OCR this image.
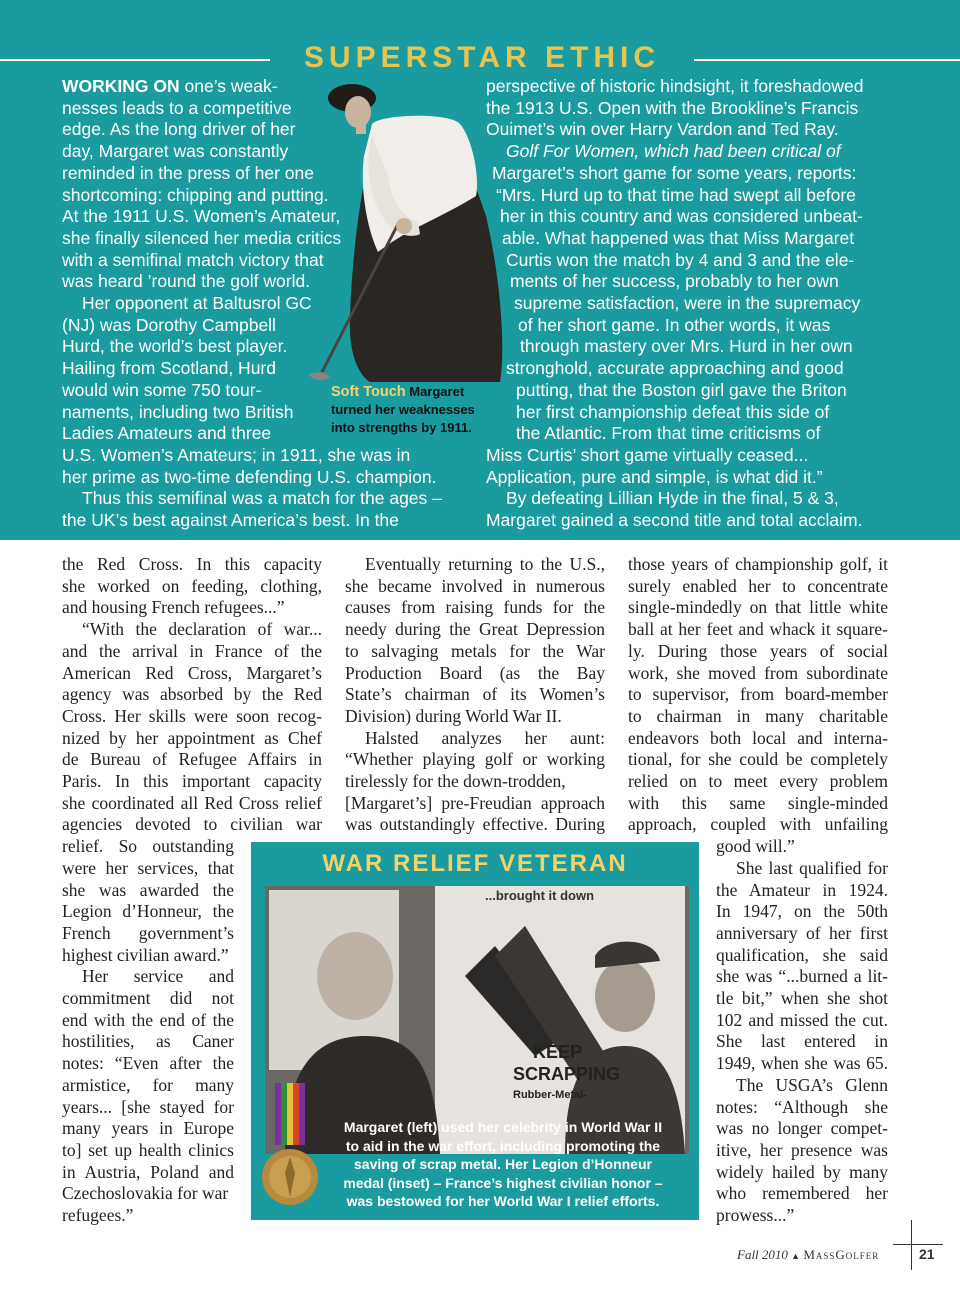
SUPERSTAR ETHIC
WORKING ON one’s weak-
nesses leads to a competitive
edge. As the long driver of her
day, Margaret was constantly
reminded in the press of her one
shortcoming: chipping and putting.
At the 1911 U.S. Women’s Amateur,
she finally silenced her media critics
with a semifinal match victory that
was heard ’round the golf world.
Her opponent at Baltusrol GC
(NJ) was Dorothy Campbell
Hurd, the world’s best player.
Hailing from Scotland, Hurd
would win some 750 tour-
naments, including two British
Ladies Amateurs and three
U.S. Women’s Amateurs; in 1911, she was in
her prime as two-time defending U.S. champion.
Thus this semifinal was a match for the ages –
the UK’s best against America’s best. In the
Soft Touch Margaret
turned her weaknesses
into strengths by 1911.
perspective of historic hindsight, it foreshadowed
the 1913 U.S. Open with the Brookline’s Francis
Ouimet’s win over Harry Vardon and Ted Ray.
Golf For Women, which had been critical of
Margaret’s short game for some years, reports:
“Mrs. Hurd up to that time had swept all before
her in this country and was considered unbeat-
able. What happened was that Miss Margaret
Curtis won the match by 4 and 3 and the ele-
ments of her success, probably to her own
supreme satisfaction, were in the supremacy
of her short game. In other words, it was
through mastery over Mrs. Hurd in her own
stronghold, accurate approaching and good
putting, that the Boston girl gave the Briton
her first championship defeat this side of
the Atlantic. From that time criticisms of
Miss Curtis’ short game virtually ceased...
Application, pure and simple, is what did it.”
By defeating Lillian Hyde in the final, 5 & 3,
Margaret gained a second title and total acclaim.
the Red Cross. In this capacity
she worked on feeding, clothing,
and housing French refugees...”
“With the declaration of war...
and the arrival in France of the
American Red Cross, Margaret’s
agency was absorbed by the Red
Cross. Her skills were soon recog-
nized by her appointment as Chef
de Bureau of Refugee Affairs in
Paris. In this important capacity
she coordinated all Red Cross relief
agencies devoted to civilian war
relief. So outstanding
were her services, that
she was awarded the
Legion d’Honneur, the
French government’s
highest civilian award.”
Her service and
commitment did not
end with the end of the
hostilities, as Caner
notes: “Even after the
armistice, for many
years... [she stayed for
many years in Europe
to] set up health clinics
in Austria, Poland and
Czechoslovakia for war
refugees.”
Eventually returning to the U.S.,
she became involved in numerous
causes from raising funds for the
needy during the Great Depression
to salvaging metals for the War
Production Board (as the Bay
State’s chairman of its Women’s
Division) during World War II.
Halsted analyzes her aunt:
“Whether playing golf or working
tirelessly for the down-trodden,
[Margaret’s] pre-Freudian approach
was outstandingly effective. During
those years of championship golf, it
surely enabled her to concentrate
single-mindedly on that little white
ball at her feet and whack it square-
ly. During those years of social
work, she moved from subordinate
to supervisor, from board-member
to chairman in many charitable
endeavors both local and interna-
tional, for she could be completely
relied on to meet every problem
with this same single-minded
approach, coupled with unfailing
good will.”
She last qualified for
the Amateur in 1924.
In 1947, on the 50th
anniversary of her first
qualification, she said
she was “...burned a lit-
tle bit,” when she shot
102 and missed the cut.
She last entered in
1949, when she was 65.
The USGA’s Glenn
notes: “Although she
was no longer compet-
itive, her presence was
widely hailed by many
who remembered her
prowess...”
WAR RELIEF VETERAN
...brought it down
KEEP
SCRAPPING
Rubber-Metal-
Margaret (left) used her celebrity in World War II
to aid in the war effort, including promoting the
saving of scrap metal. Her Legion d’Honneur
medal (inset) – France’s highest civilian honor –
was bestowed for her World War I relief efforts.
Fall 2010 ▲ MassGolfer	21
